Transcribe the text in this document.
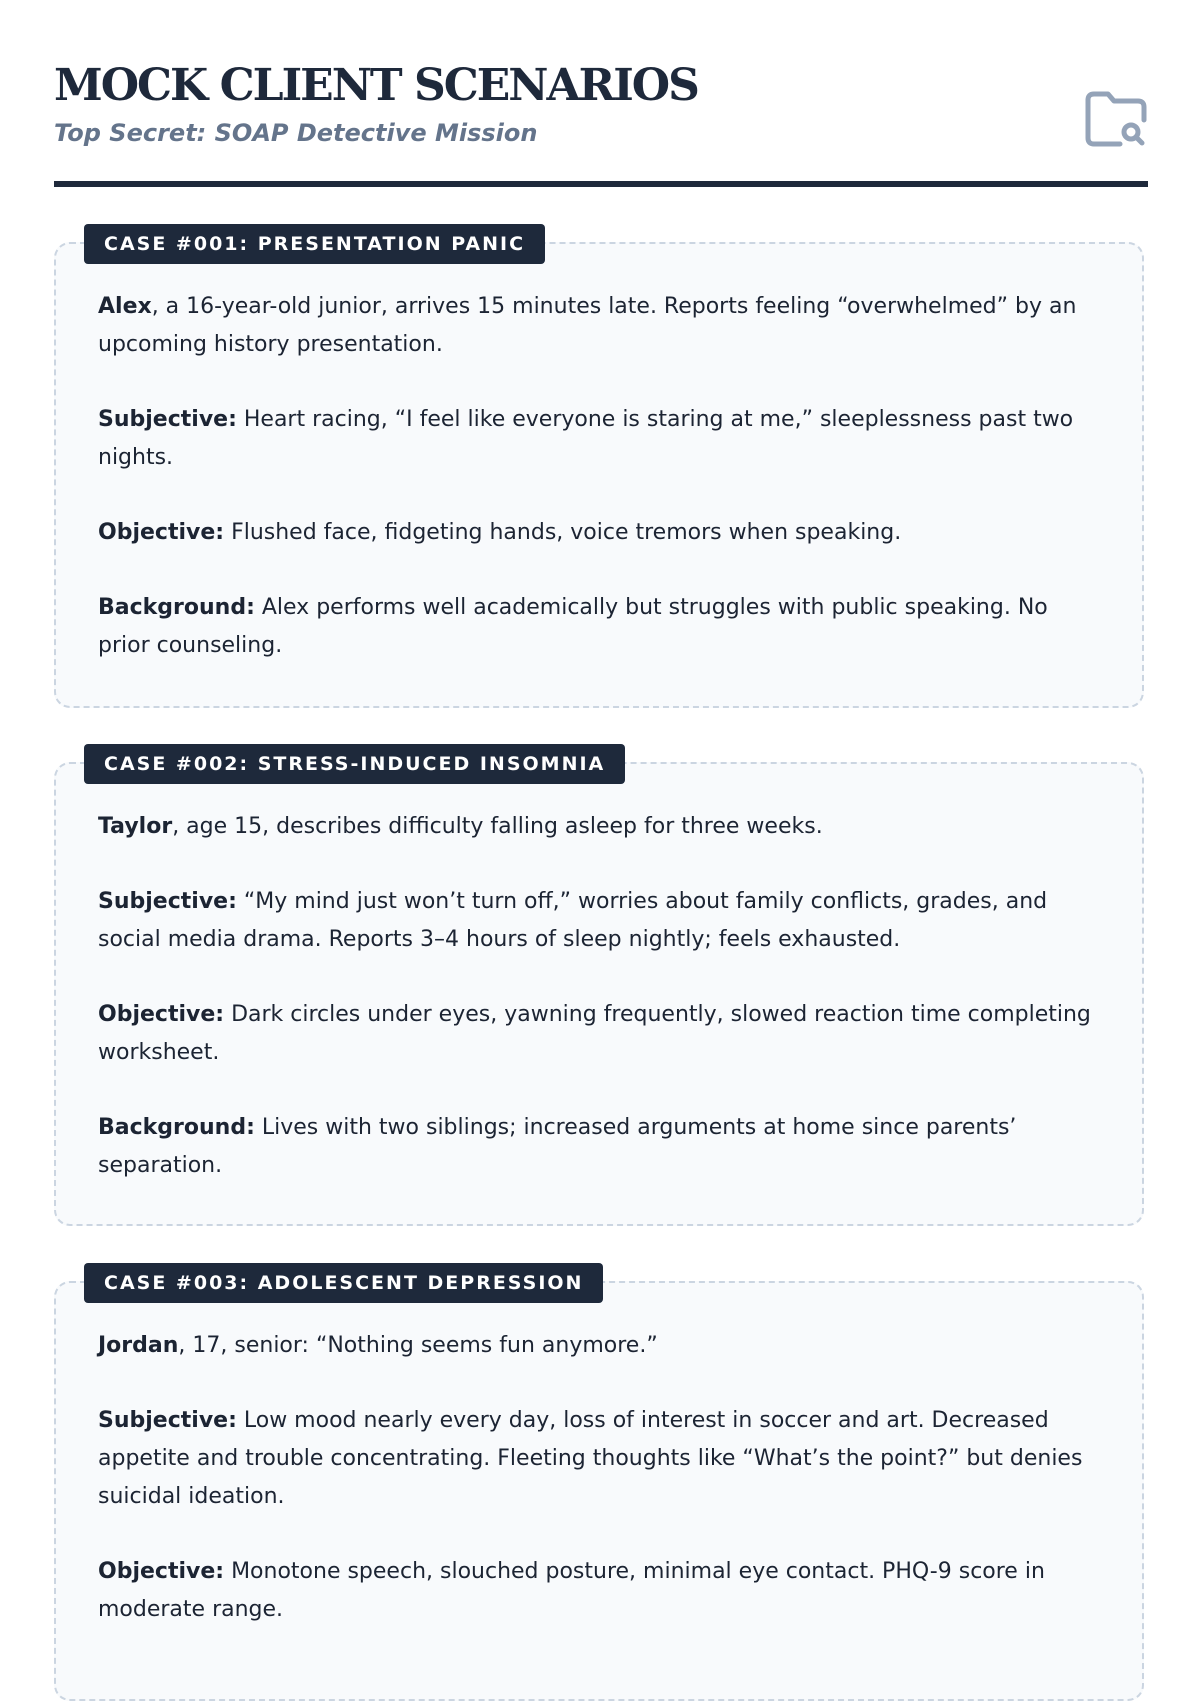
MOCK CLIENT SCENARIOS

Top Secret: SOAP Detective Mission

CASE #001: PRESENTATION PANIC

Alex, a 16-year-old junior, arrives 15 minutes late. Reports feeling “overwhelmed” by an upcoming history presentation.

Subjective: Heart racing, “I feel like everyone is staring at me,” sleeplessness past two nights.

Objective: Flushed face, fidgeting hands, voice tremors when speaking.

Background: Alex performs well academically but struggles with public speaking. No prior counseling.

CASE #002: STRESS-INDUCED INSOMNIA

Taylor, age 15, describes difficulty falling asleep for three weeks.

Subjective: “My mind just won’t turn off,” worries about family conflicts, grades, and social media drama. Reports 3–4 hours of sleep nightly; feels exhausted.

Objective: Dark circles under eyes, yawning frequently, slowed reaction time completing worksheet.

Background: Lives with two siblings; increased arguments at home since parents’ separation.

CASE #003: ADOLESCENT DEPRESSION

Jordan, 17, senior: “Nothing seems fun anymore.”

Subjective: Low mood nearly every day, loss of interest in soccer and art. Decreased appetite and trouble concentrating. Fleeting thoughts like “What’s the point?” but denies suicidal ideation.

Objective: Monotone speech, slouched posture, minimal eye contact. PHQ-9 score in moderate range.
